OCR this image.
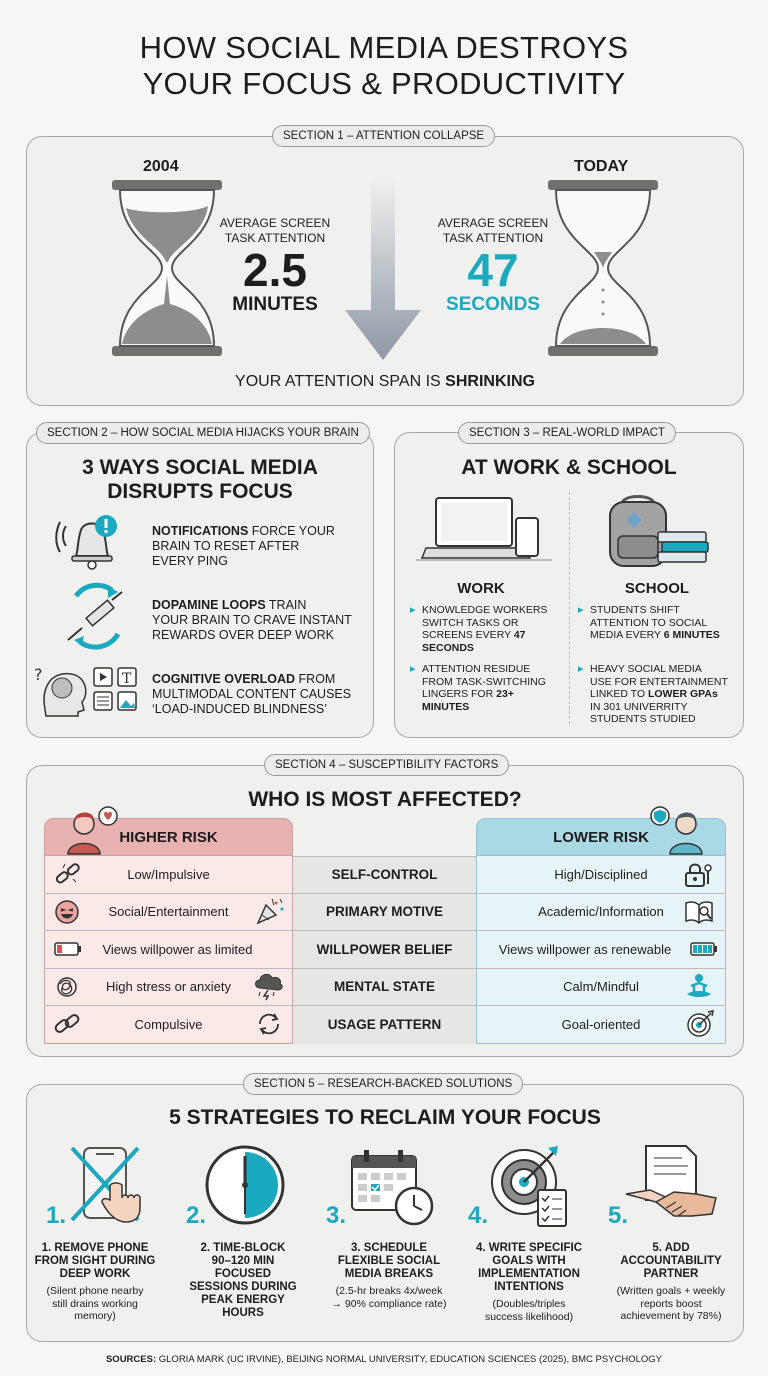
HOW SOCIAL MEDIA DESTROYS
YOUR FOCUS & PRODUCTIVITY
SECTION 1 – ATTENTION COLLAPSE
2004
AVERAGE SCREEN
TASK ATTENTION
2.5
MINUTES
AVERAGE SCREEN
TASK ATTENTION
47
SECONDS
TODAY
YOUR ATTENTION SPAN IS SHRINKING
SECTION 2 – HOW SOCIAL MEDIA HIJACKS YOUR BRAIN
3 WAYS SOCIAL MEDIA
DISRUPTS FOCUS
NOTIFICATIONS FORCE YOUR
BRAIN TO RESET AFTER
EVERY PING
DOPAMINE LOOPS TRAIN
YOUR BRAIN TO CRAVE INSTANT
REWARDS OVER DEEP WORK
?	T COGNITIVE OVERLOAD FROM
MULTIMODAL CONTENT CAUSES
‘LOAD-INDUCED BLINDNESS’
SECTION 3 – REAL-WORLD IMPACT
AT WORK & SCHOOL
WORK	SCHOOL
▸ KNOWLEDGE WORKERS
SWITCH TASKS OR
SCREENS EVERY 47
SECONDS
▸ ATTENTION RESIDUE
FROM TASK-SWITCHING
LINGERS FOR 23+
MINUTES
▸ STUDENTS SHIFT
ATTENTION TO SOCIAL
MEDIA EVERY 6 MINUTES
▸ HEAVY SOCIAL MEDIA
USE FOR ENTERTAINMENT
LINKED TO LOWER GPAs
IN 301 UNIVERRITY
STUDENTS STUDIED
SECTION 4 – SUSCEPTIBILITY FACTORS
WHO IS MOST AFFECTED?
HIGHER RISK	LOWER RISK
Low/Impulsive	SELF-CONTROL	High/Disciplined
Social/Entertainment	PRIMARY MOTIVE	Academic/Information
Views willpower as limited	WILLPOWER BELIEF	Views willpower as renewable
High stress or anxiety	MENTAL STATE	Calm/Mindful
Compulsive	USAGE PATTERN	Goal-oriented
SECTION 5 – RESEARCH-BACKED SOLUTIONS
5 STRATEGIES TO RECLAIM YOUR FOCUS
1.	2.	3.	4.	5.
1. REMOVE PHONE
FROM SIGHT DURING
DEEP WORK
(Silent phone nearby
still drains working
memory)
2. TIME-BLOCK
90–120 MIN
FOCUSED
SESSIONS DURING
PEAK ENERGY
HOURS
3. SCHEDULE
FLEXIBLE SOCIAL
MEDIA BREAKS
(2.5-hr breaks 4x/week
→ 90% compliance rate)
4. WRITE SPECIFIC
GOALS WITH
IMPLEMENTATION
INTENTIONS
(Doubles/triples
success likelihood)
5. ADD
ACCOUNTABILITY
PARTNER
(Written goals + weekly
reports boost
achievement by 78%)
SOURCES: GLORIA MARK (UC IRVINE), BEIJING NORMAL UNIVERSITY, EDUCATION SCIENCES (2025), BMC PSYCHOLOGY
